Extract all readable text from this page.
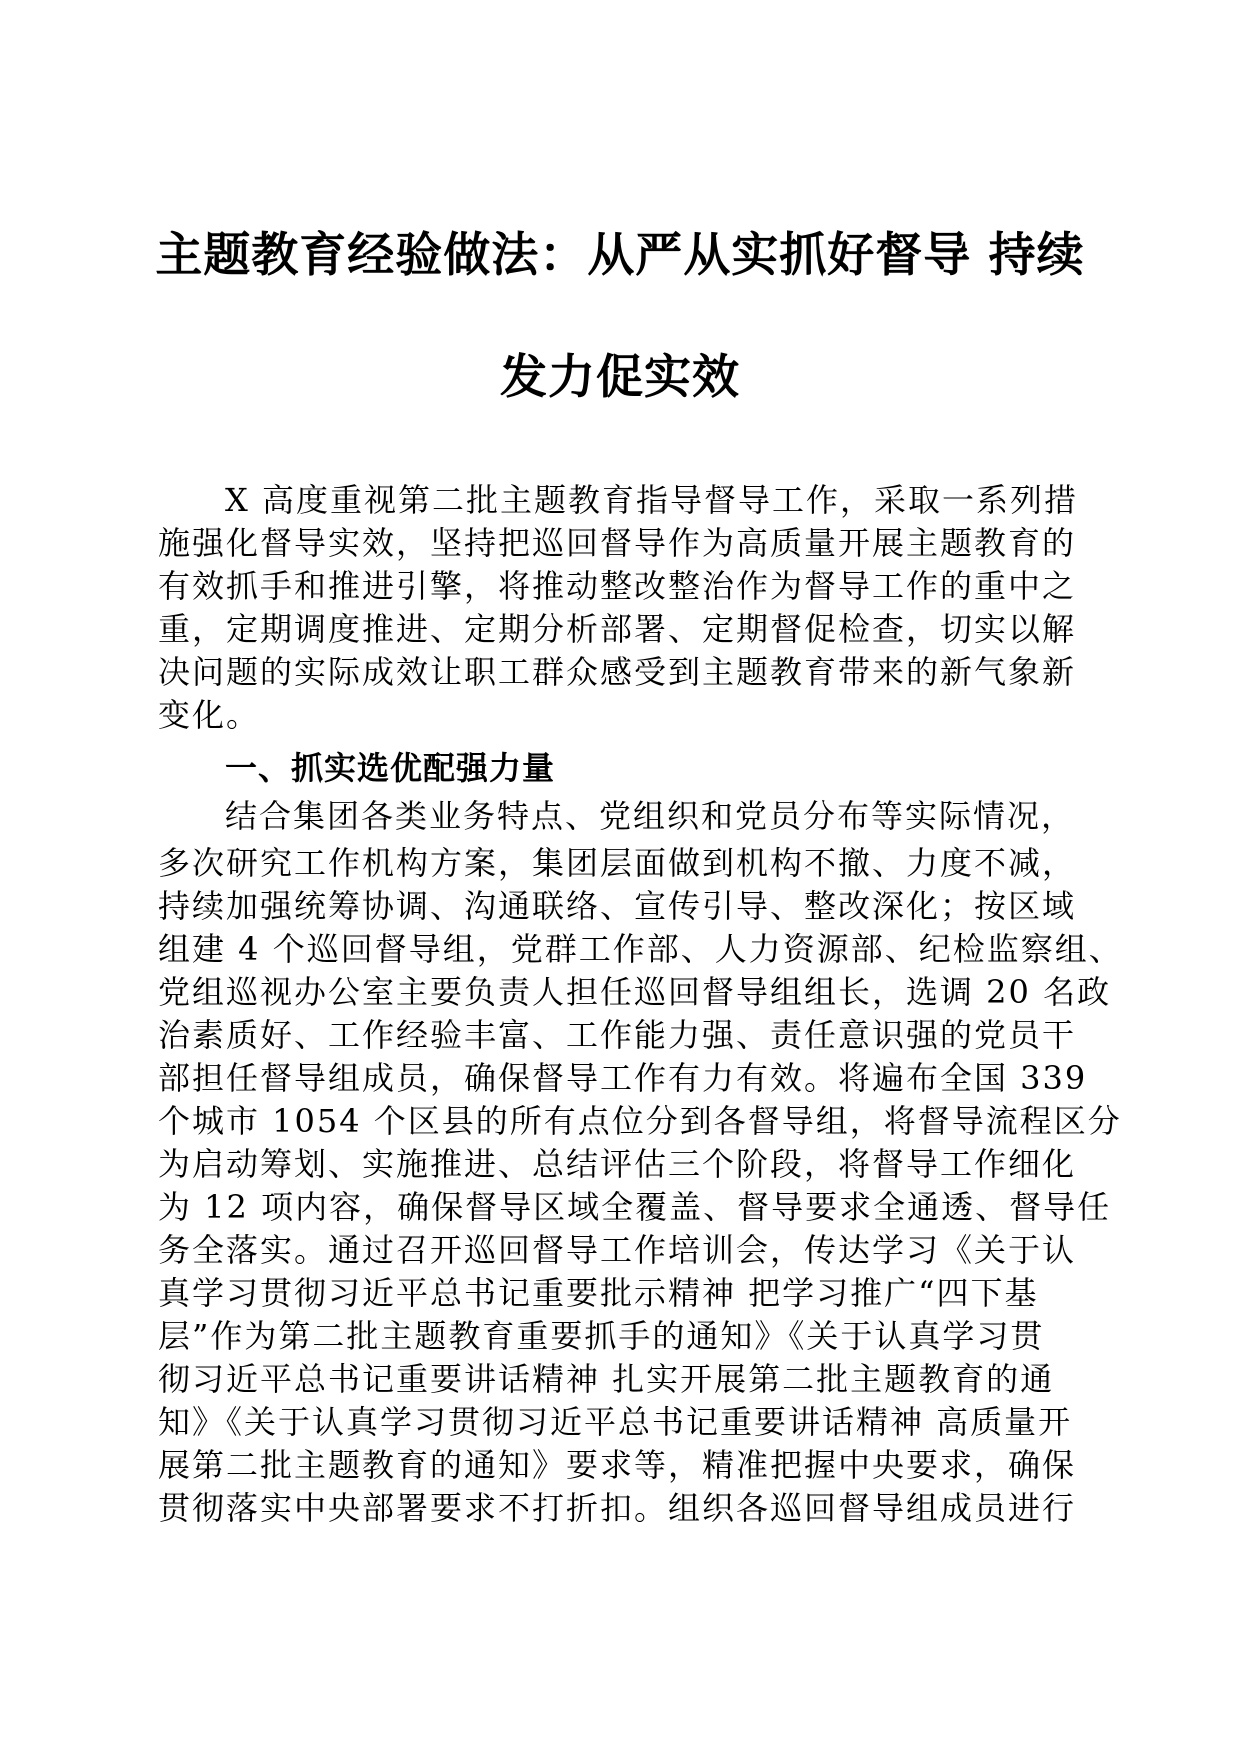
主题教育经验做法：从严从实抓好督导 持续
发力促实效
X 高度重视第二批主题教育指导督导工作，采取一系列措
施强化督导实效，坚持把巡回督导作为高质量开展主题教育的
有效抓手和推进引擎，将推动整改整治作为督导工作的重中之
重，定期调度推进、定期分析部署、定期督促检查，切实以解
决问题的实际成效让职工群众感受到主题教育带来的新气象新
变化。
一、抓实选优配强力量
结合集团各类业务特点、党组织和党员分布等实际情况，
多次研究工作机构方案，集团层面做到机构不撤、力度不减，
持续加强统筹协调、沟通联络、宣传引导、整改深化；按区域
组建 4 个巡回督导组，党群工作部、人力资源部、纪检监察组、
党组巡视办公室主要负责人担任巡回督导组组长，选调 20 名政
治素质好、工作经验丰富、工作能力强、责任意识强的党员干
部担任督导组成员，确保督导工作有力有效。将遍布全国 339
个城市 1054 个区县的所有点位分到各督导组，将督导流程区分
为启动筹划、实施推进、总结评估三个阶段，将督导工作细化
为 12 项内容，确保督导区域全覆盖、督导要求全通透、督导任
务全落实。通过召开巡回督导工作培训会，传达学习《关于认
真学习贯彻习近平总书记重要批示精神 把学习推广“四下基
层”作为第二批主题教育重要抓手的通知》《关于认真学习贯
彻习近平总书记重要讲话精神 扎实开展第二批主题教育的通
知》《关于认真学习贯彻习近平总书记重要讲话精神 高质量开
展第二批主题教育的通知》要求等，精准把握中央要求，确保
贯彻落实中央部署要求不打折扣。组织各巡回督导组成员进行
